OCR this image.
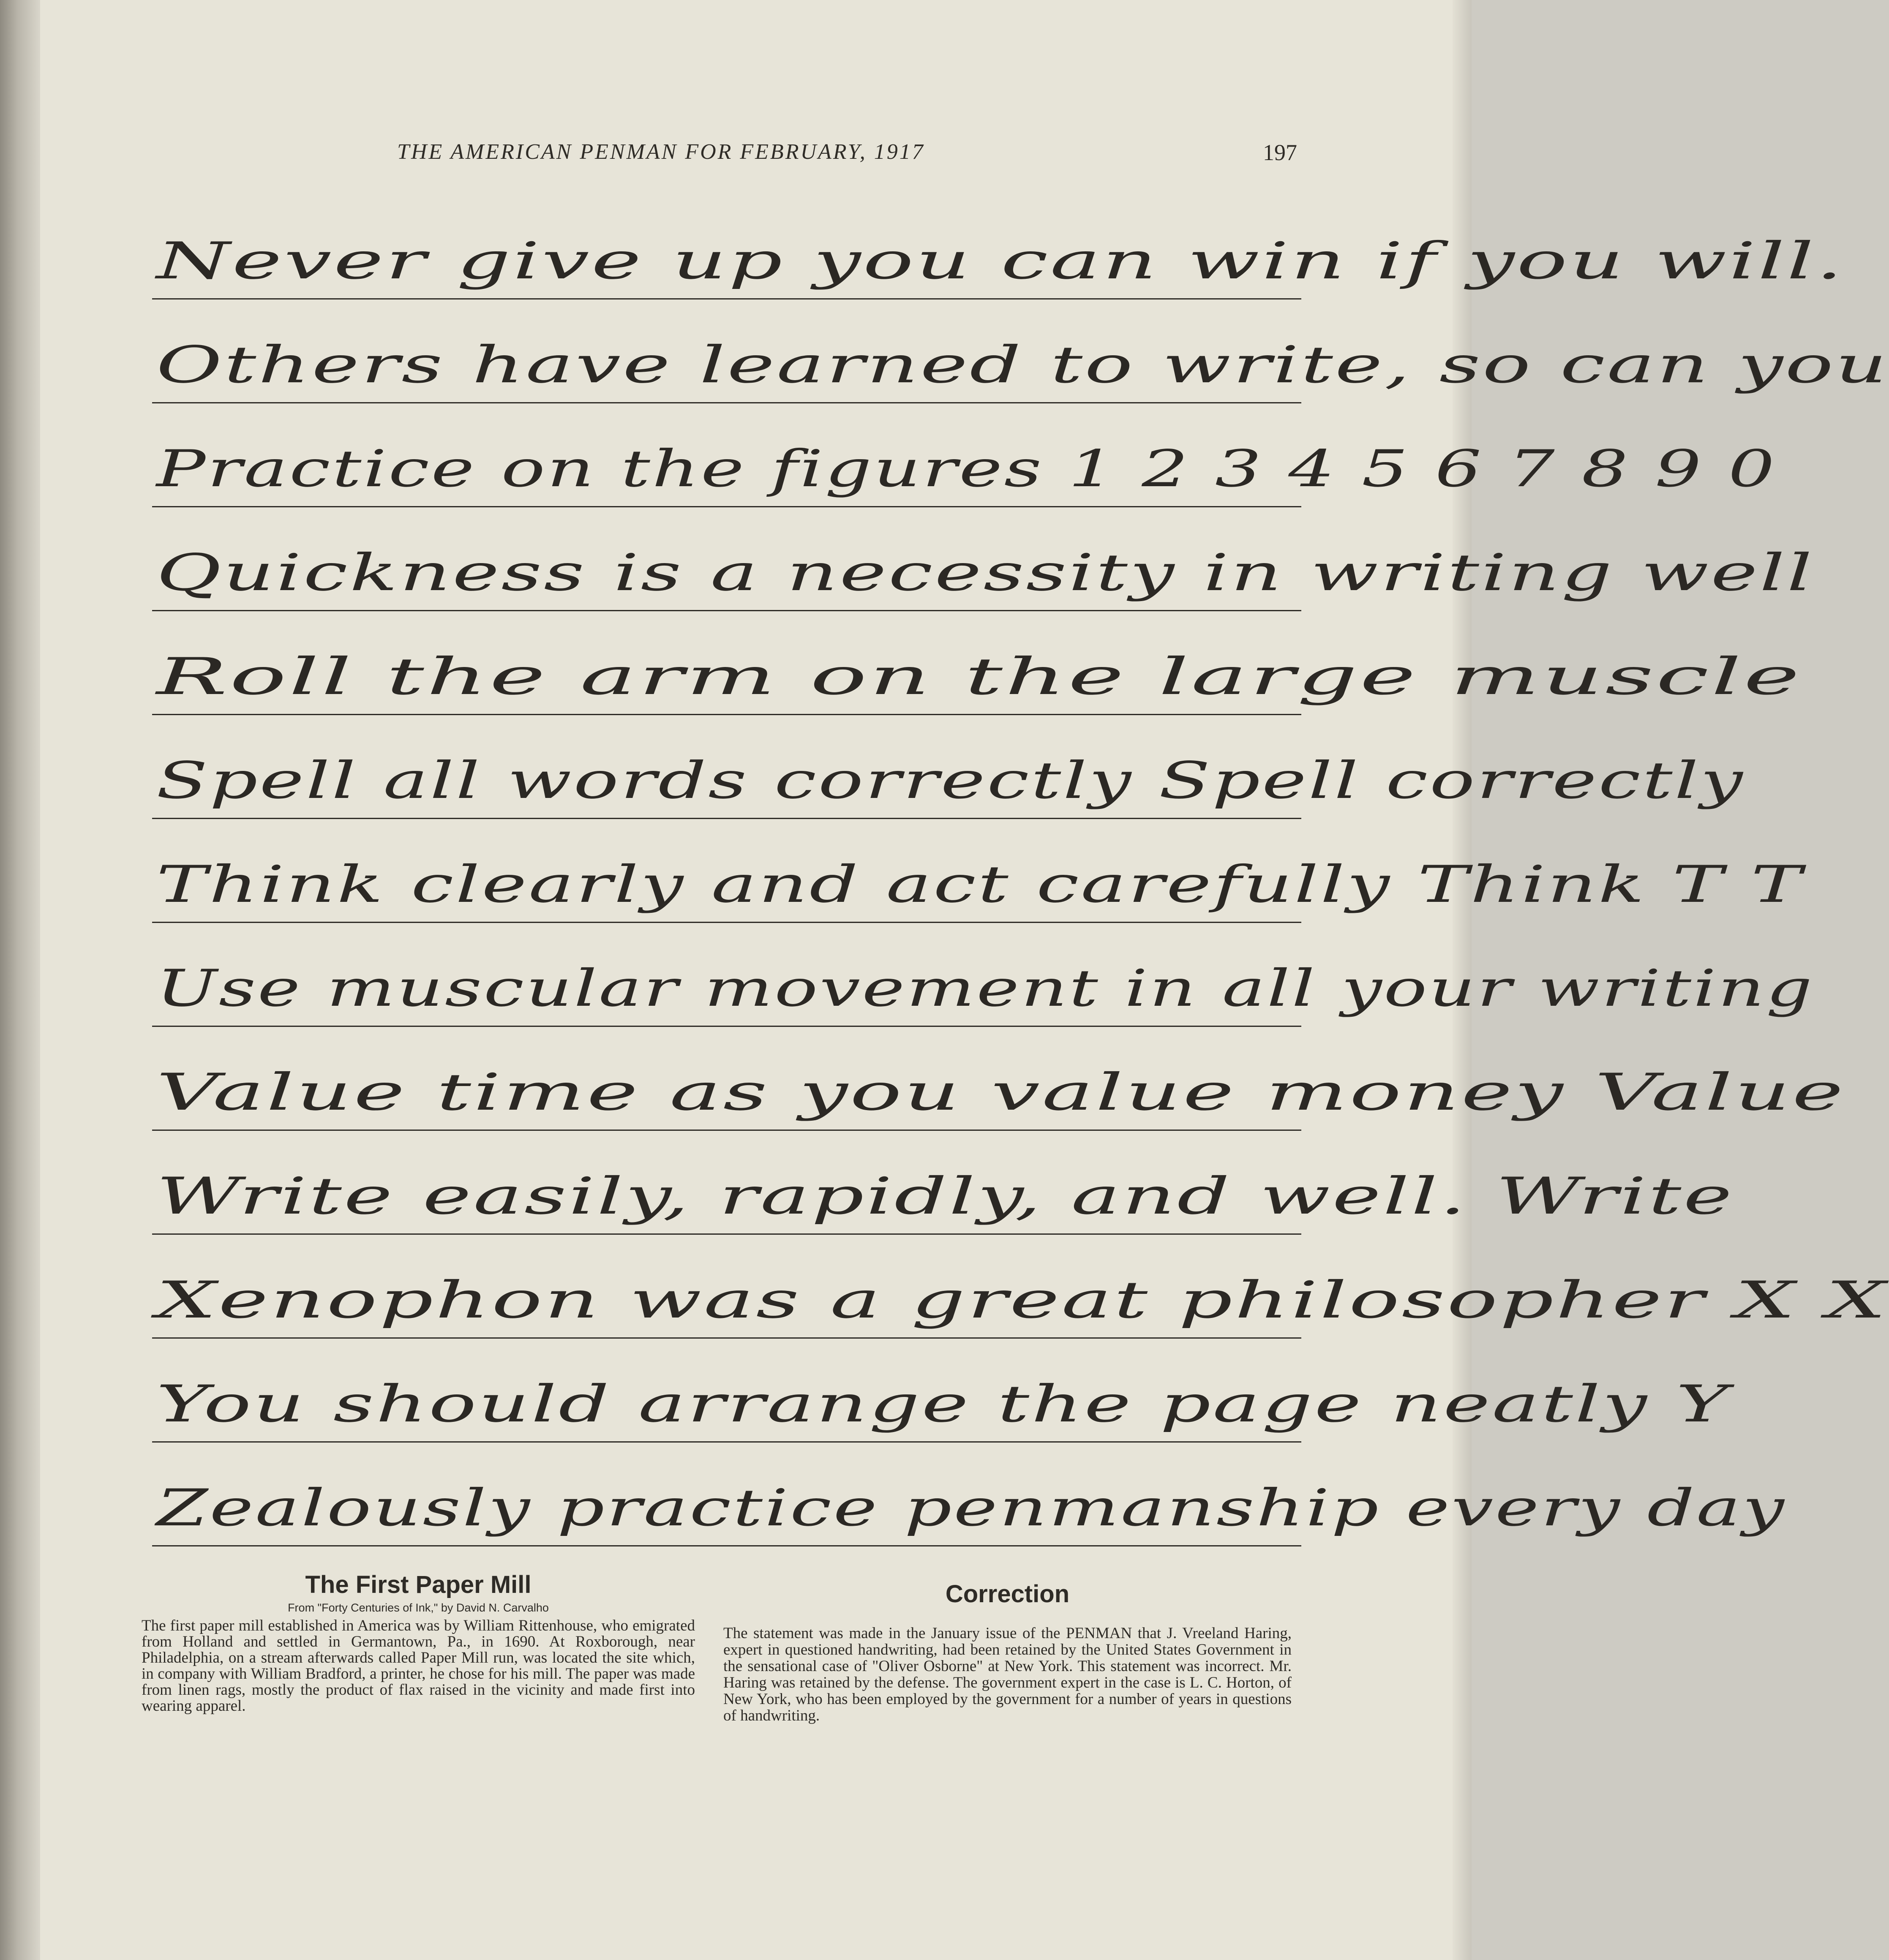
THE AMERICAN PENMAN FOR FEBRUARY, 1917	197
Never give up you can win if you will.
Others have learned to write, so can you
Practice on the figures 1 2 3 4 5 6 7 8 9 0
Quickness is a necessity in writing well
Roll the arm on the large muscle
Spell all words correctly Spell correctly
Think clearly and act carefully Think T T
Use muscular movement in all your writing
Value time as you value money Value
Write easily, rapidly, and well. Write
Xenophon was a great philosopher X X
You should arrange the page neatly Y
Zealously practice penmanship every day
The First Paper Mill
From "Forty Centuries of Ink," by David N. Carvalho

The first paper mill established in America was by William Rittenhouse, who emigrated from Holland and settled in Germantown, Pa., in 1690. At Roxborough, near Philadelphia, on a stream afterwards called Paper Mill run, was located the site which, in company with William Bradford, a printer, he chose for his mill. The paper was made from linen rags, mostly the product of flax raised in the vicinity and made first into wearing apparel.

Correction

The statement was made in the January issue of the PENMAN that J. Vreeland Haring, expert in questioned handwriting, had been retained by the United States Government in the sensational case of "Oliver Osborne" at New York. This statement was incorrect. Mr. Haring was retained by the defense. The government expert in the case is L. C. Horton, of New York, who has been employed by the government for a number of years in questions of handwriting.
